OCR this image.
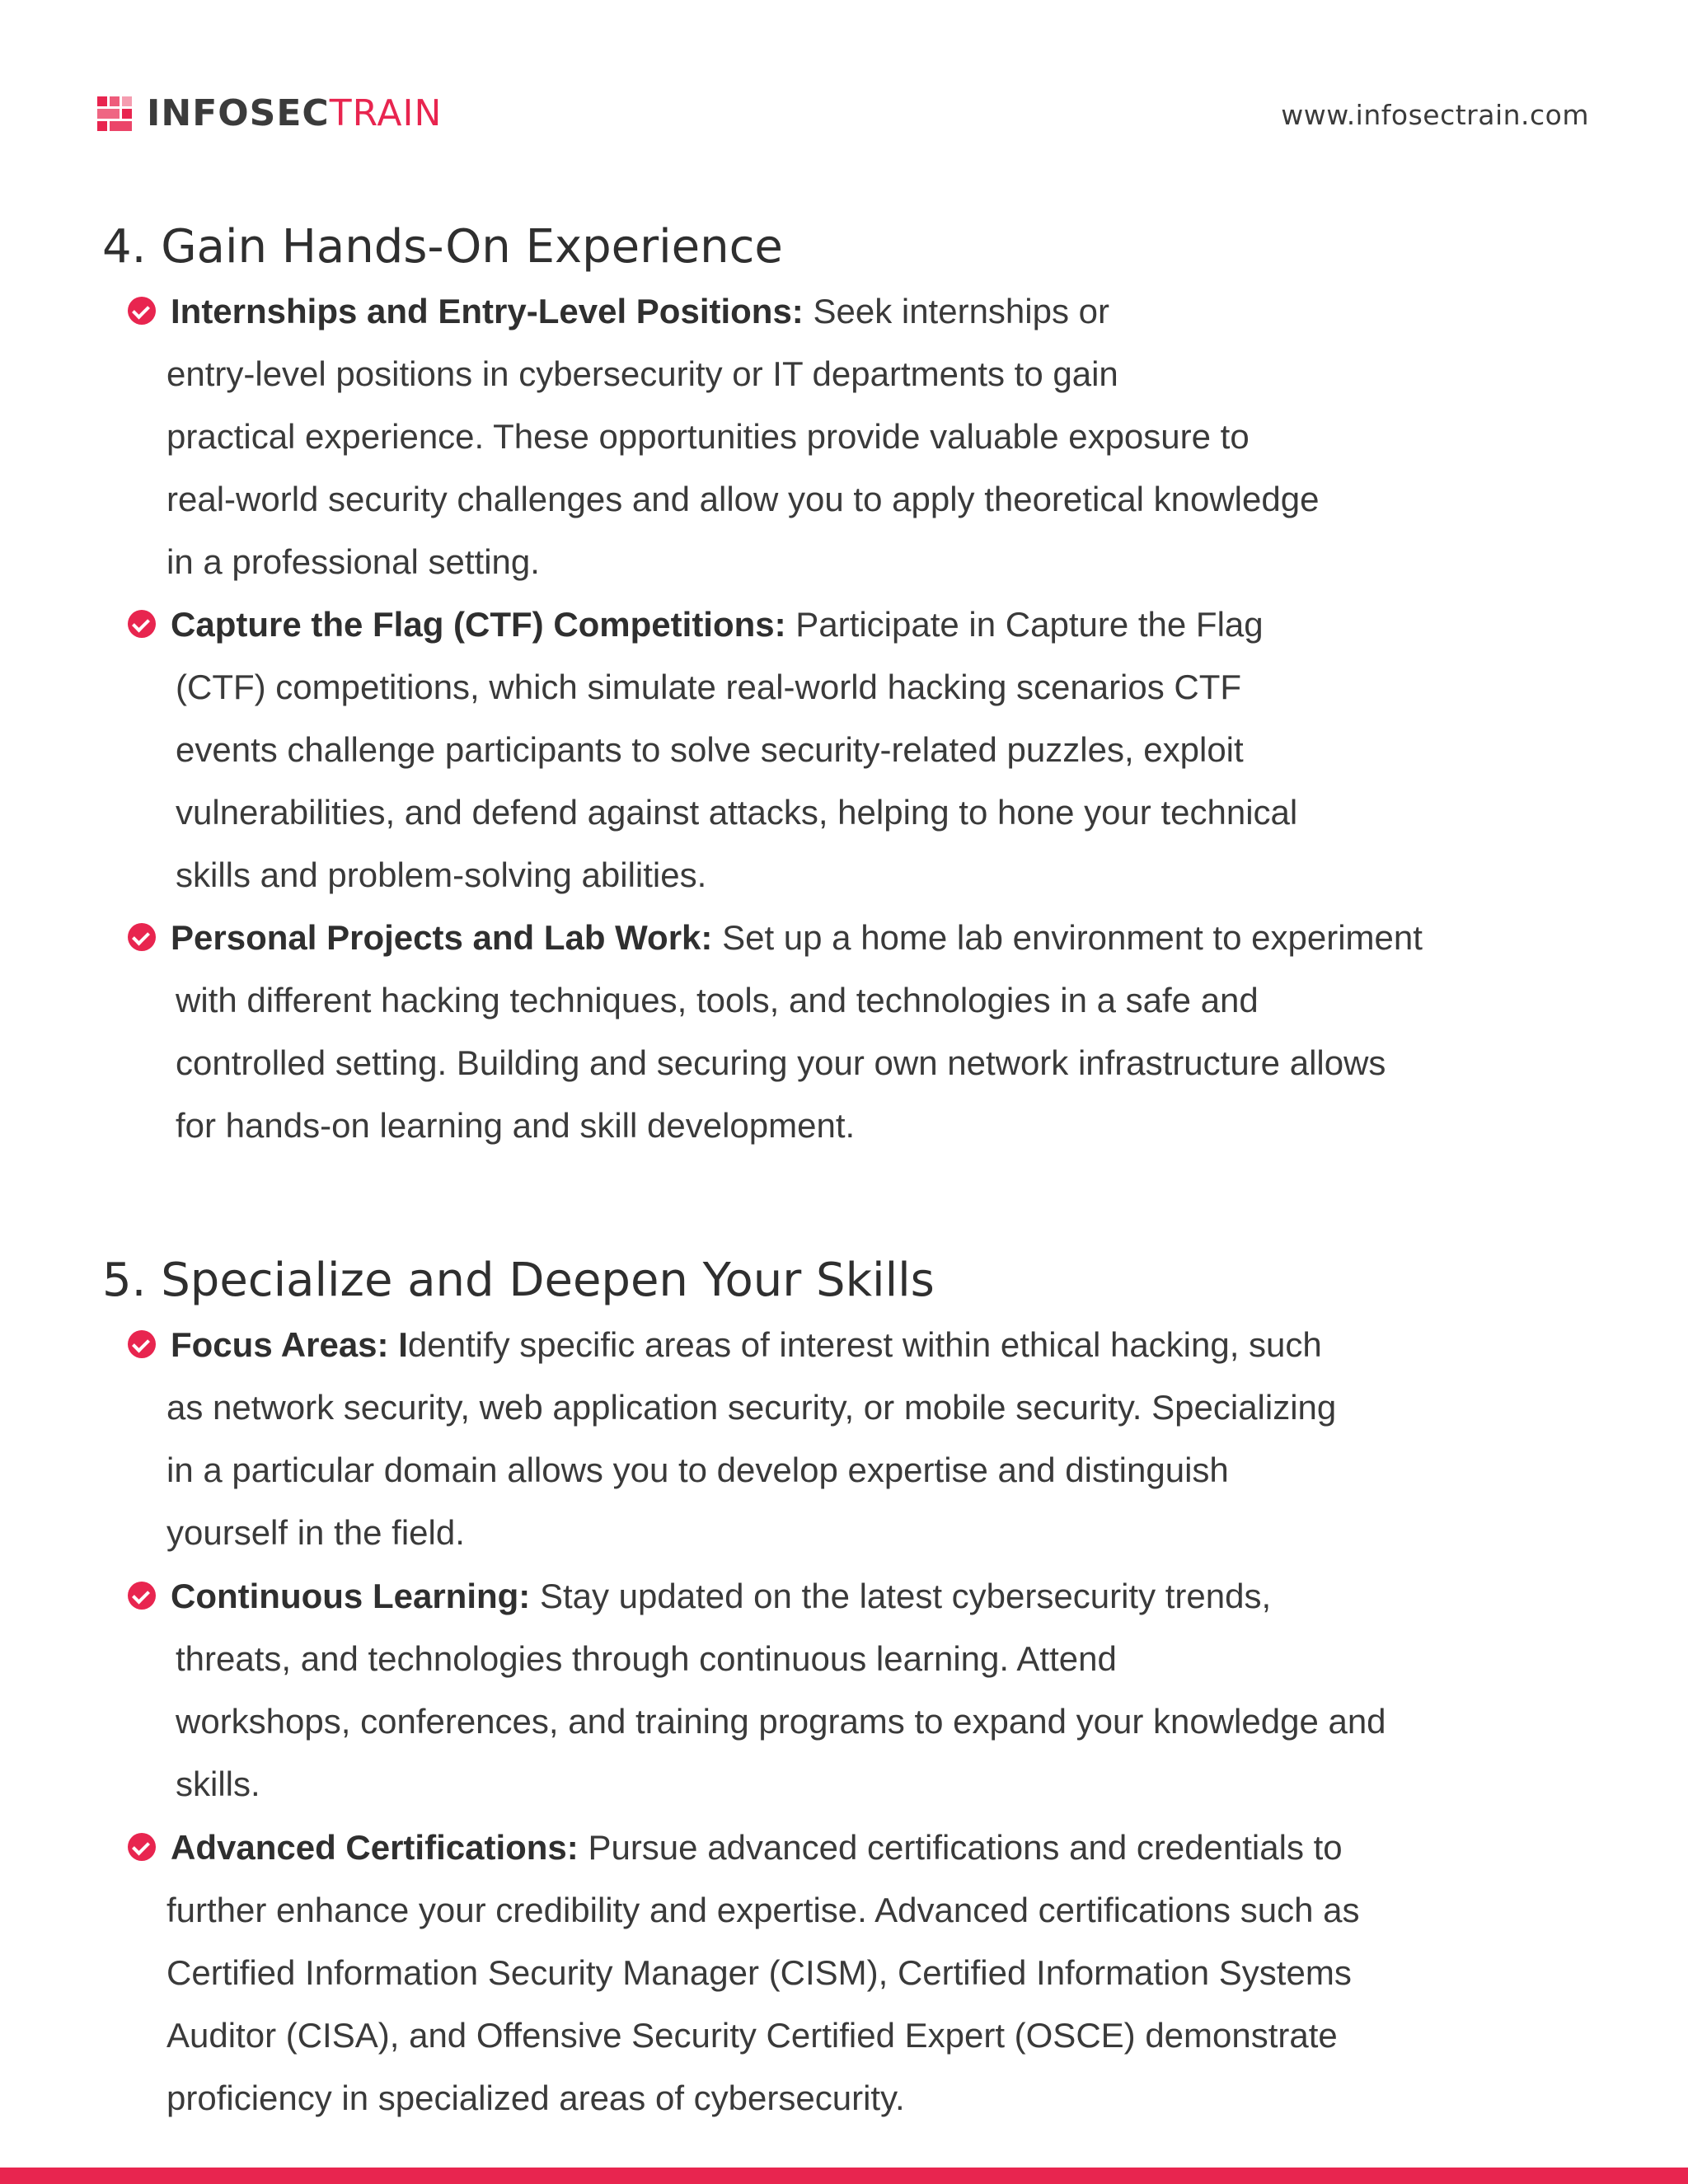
INFOSECTRAIN	www.infosectrain.com
4. Gain Hands-On Experience
Internships and Entry-Level Positions: Seek internships or
entry-level positions in cybersecurity or IT departments to gain
practical experience. These opportunities provide valuable exposure to
real-world security challenges and allow you to apply theoretical knowledge
in a professional setting.
Capture the Flag (CTF) Competitions: Participate in Capture the Flag
(CTF) competitions, which simulate real-world hacking scenarios CTF
events challenge participants to solve security-related puzzles, exploit
vulnerabilities, and defend against attacks, helping to hone your technical
skills and problem-solving abilities.
Personal Projects and Lab Work: Set up a home lab environment to experiment
with different hacking techniques, tools, and technologies in a safe and
controlled setting. Building and securing your own network infrastructure allows
for hands-on learning and skill development.
5. Specialize and Deepen Your Skills
Focus Areas: Identify specific areas of interest within ethical hacking, such
as network security, web application security, or mobile security. Specializing
in a particular domain allows you to develop expertise and distinguish
yourself in the field.
Continuous Learning: Stay updated on the latest cybersecurity trends,
threats, and technologies through continuous learning. Attend
workshops, conferences, and training programs to expand your knowledge and
skills.
Advanced Certifications: Pursue advanced certifications and credentials to
further enhance your credibility and expertise. Advanced certifications such as
Certified Information Security Manager (CISM), Certified Information Systems
Auditor (CISA), and Offensive Security Certified Expert (OSCE) demonstrate
proficiency in specialized areas of cybersecurity.
